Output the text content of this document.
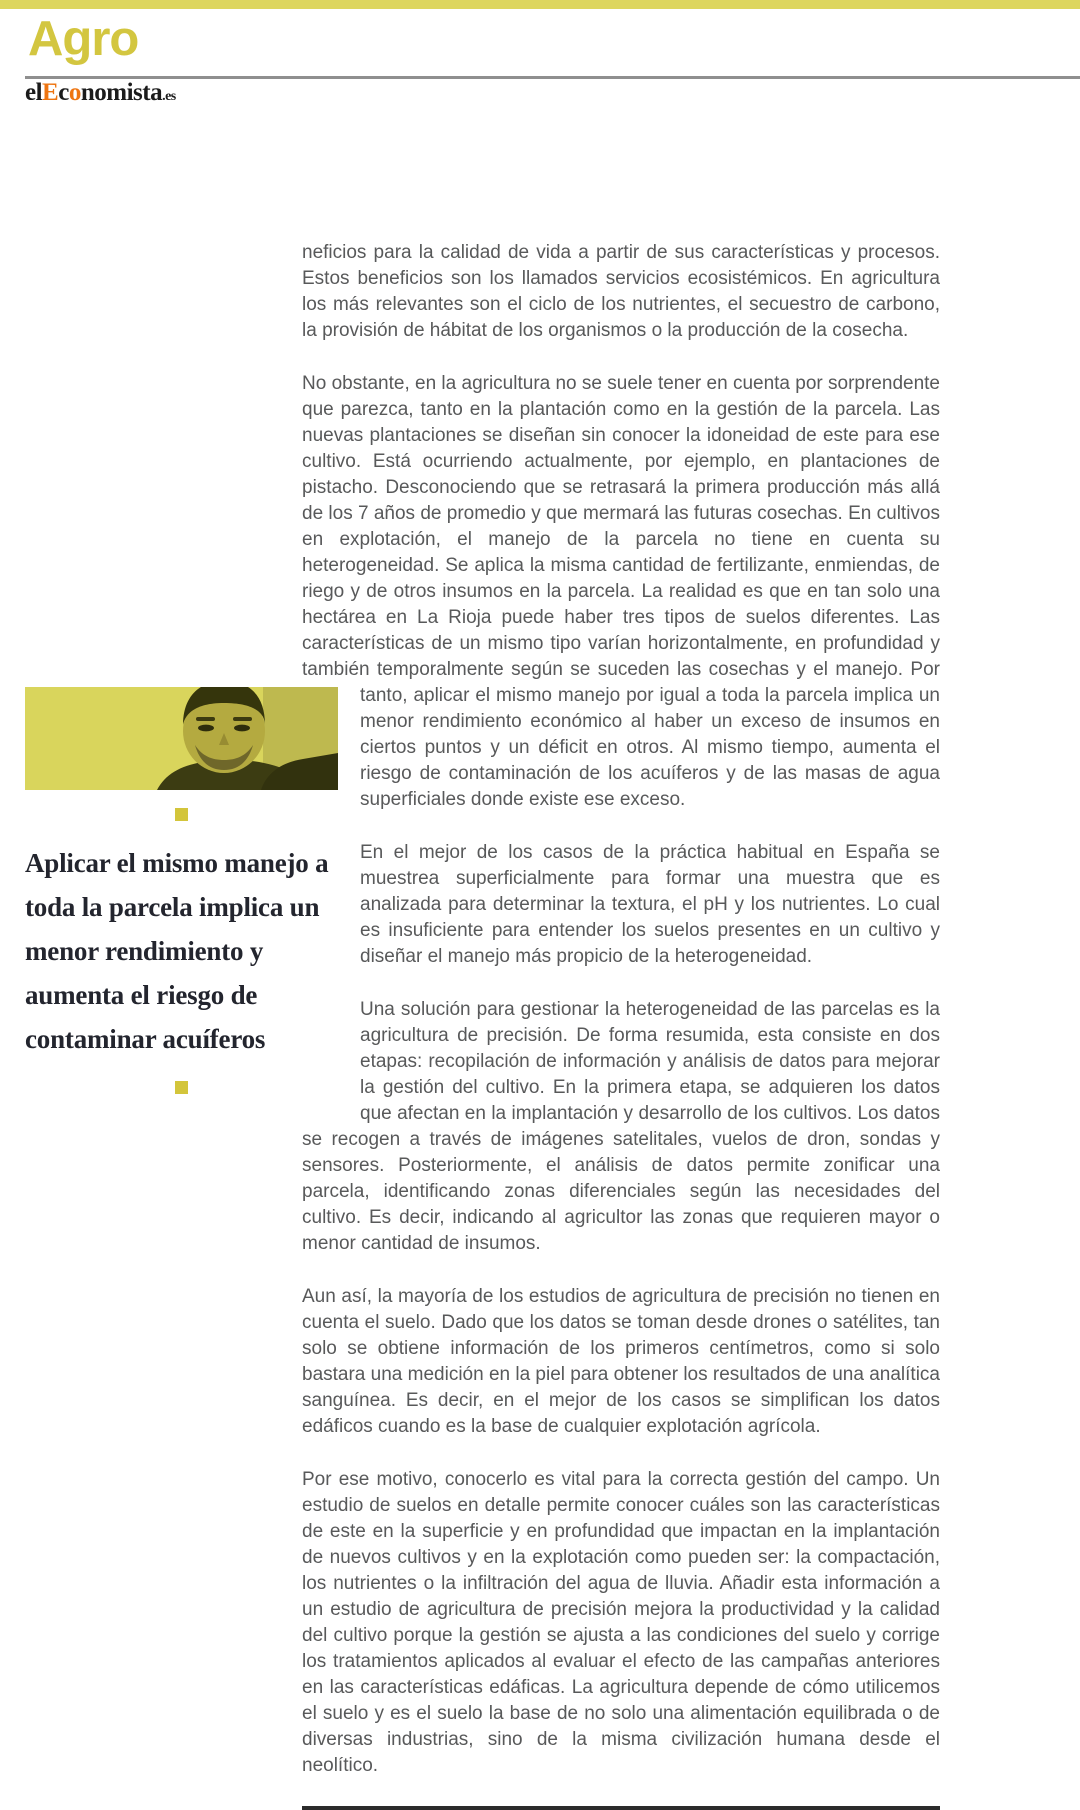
Agro
elEconomista.es

neficios para la calidad de vida a partir de sus características y procesos. Estos beneficios son los llamados servicios ecosistémicos. En agricultura los más relevantes son el ciclo de los nutrientes, el secuestro de carbono, la provisión de hábitat de los organismos o la producción de la cosecha.

No obstante, en la agricultura no se suele tener en cuenta por sorprendente que parezca, tanto en la plantación como en la gestión de la parcela. Las nuevas plantaciones se diseñan sin conocer la idoneidad de este para ese cultivo. Está ocurriendo actualmente, por ejemplo, en plantaciones de pistacho. Desconociendo que se retrasará la primera producción más allá de los 7 años de promedio y que mermará las futuras cosechas. En cultivos en explotación, el manejo de la parcela no tiene en cuenta su heterogeneidad. Se aplica la misma cantidad de fertilizante, enmiendas, de riego y de otros insumos en la parcela. La realidad es que en tan solo una hectárea en La Rioja puede haber tres tipos de suelos diferentes. Las características de un mismo tipo varían horizontalmente, en profundidad y también temporalmente según se suceden las cosechas y el manejo. Por tanto, aplicar el mismo manejo por igual a toda la
Aplicar el mismo manejo a toda la parcela implica un menor rendimiento y aumenta el riesgo de contaminar acuíferos
parcela implica un menor rendimiento económico al haber un exceso de insumos en ciertos puntos y un déficit en otros. Al mismo tiempo, aumenta el riesgo de contaminación de los acuíferos y de las masas de agua superficiales donde existe ese exceso.

En el mejor de los casos de la práctica habitual en España se muestrea superficialmente para formar una muestra que es analizada para determinar la textura, el pH y los nutrientes. Lo cual es insuficiente para entender los suelos presentes en un cultivo y diseñar el manejo más propicio de la heterogeneidad.

Una solución para gestionar la heterogeneidad de las parcelas es la agricultura de precisión. De forma resumida, esta consiste en dos etapas: recopilación de información y análisis de datos para mejorar la gestión del cultivo. En la primera etapa, se adquieren los datos que afectan en la implantación y desarrollo de los cultivos. Los datos se recogen a través de imágenes satelitales, vuelos de dron, sondas y sensores. Posteriormente, el análisis de datos permite zonificar una parcela, identificando zonas diferenciales según las necesidades del cultivo. Es decir, indicando al agricultor las zonas que requieren mayor o menor cantidad de insumos.

Aun así, la mayoría de los estudios de agricultura de precisión no tienen en cuenta el suelo. Dado que los datos se toman desde drones o satélites, tan solo se obtiene información de los primeros centímetros, como si solo bastara una medición en la piel para obtener los resultados de una analítica sanguínea. Es decir, en el mejor de los casos se simplifican los datos edáficos cuando es la base de cualquier explotación agrícola.

Por ese motivo, conocerlo es vital para la correcta gestión del campo. Un estudio de suelos en detalle permite conocer cuáles son las características de este en la superficie y en profundidad que impactan en la implantación de nuevos cultivos y en la explotación como pueden ser: la compactación, los nutrientes o la infiltración del agua de lluvia. Añadir esta información a un estudio de agricultura de precisión mejora la productividad y la calidad del cultivo porque la gestión se ajusta a las condiciones del suelo y corrige los tratamientos aplicados al evaluar el efecto de las campañas anteriores en las características edáficas. La agricultura depende de cómo utilicemos el suelo y es el suelo la base de no solo una alimentación equilibrada o de diversas industrias, sino de la misma civilización humana desde el neolítico.
